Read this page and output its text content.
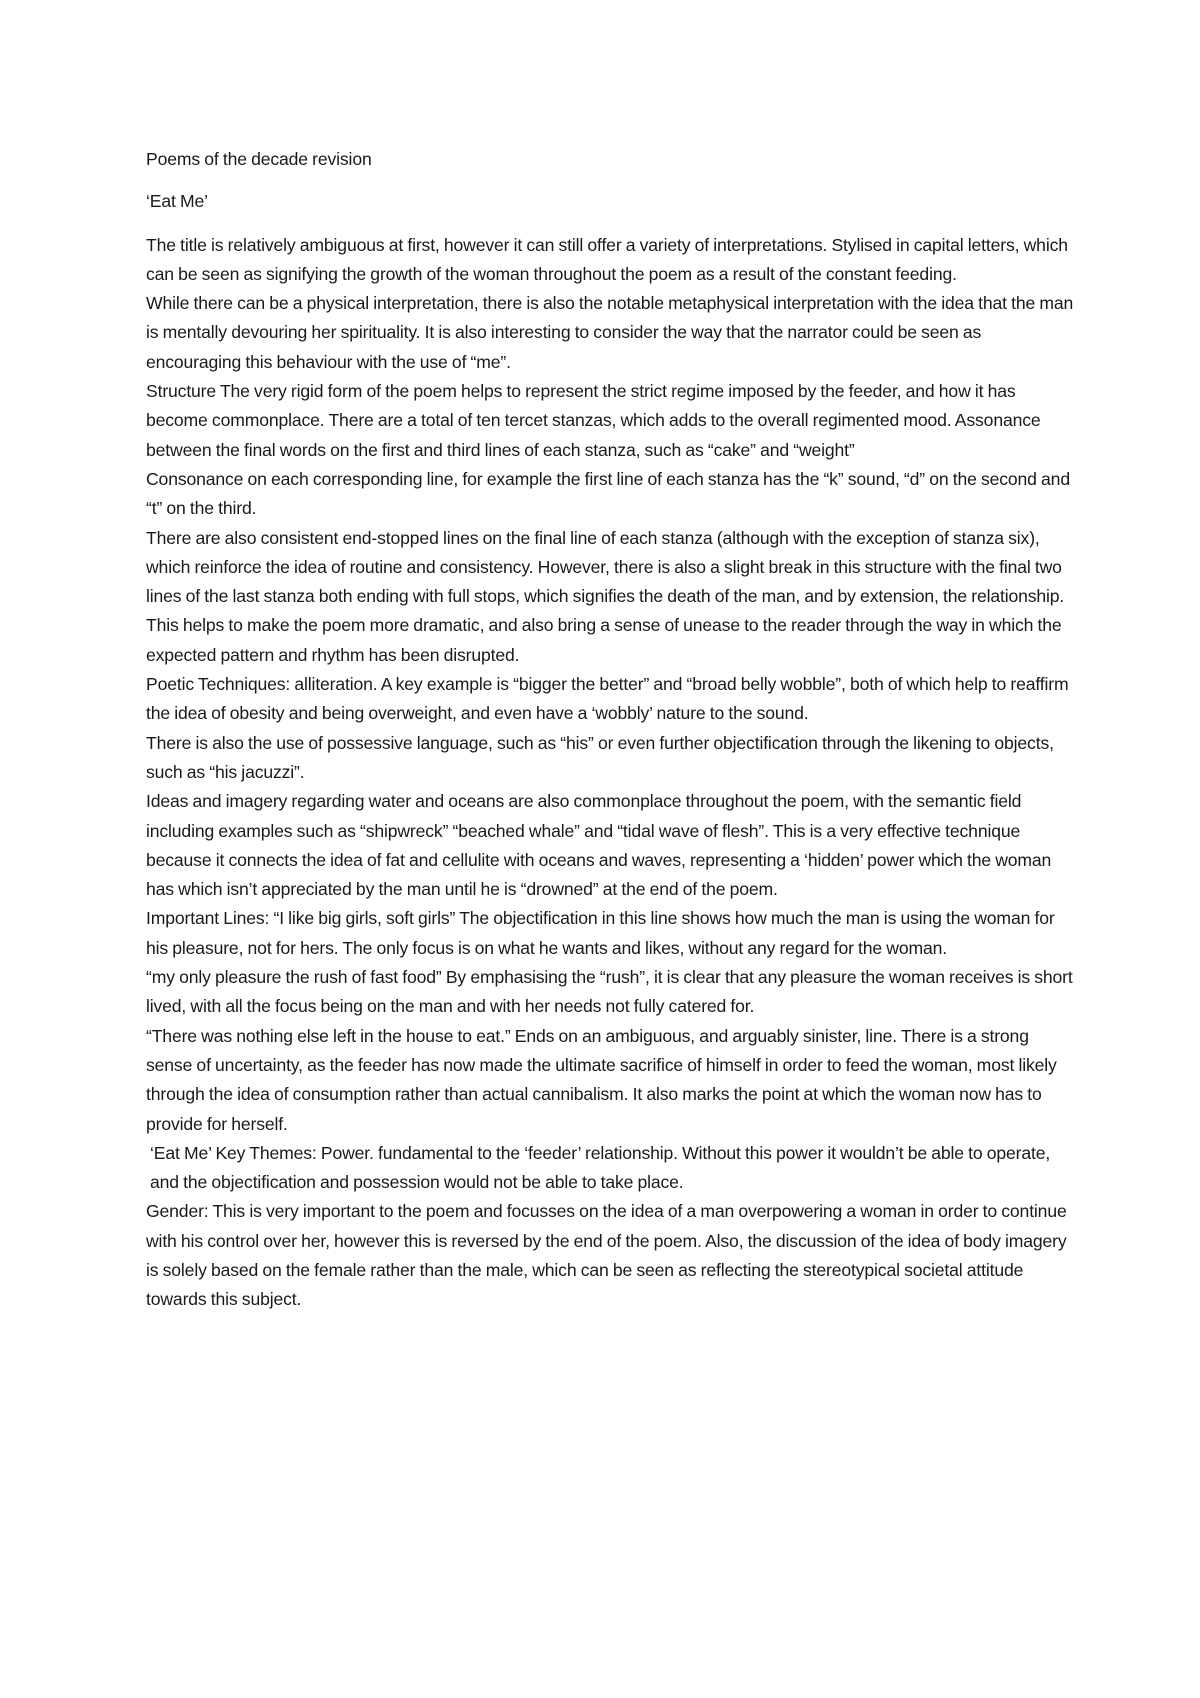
Poems of the decade revision

‘Eat Me’

The title is relatively ambiguous at first, however it can still offer a variety of interpretations. Stylised in capital letters, which can be seen as signifying the growth of the woman throughout the poem as a result of the constant feeding.

While there can be a physical interpretation, there is also the notable metaphysical interpretation with the idea that the man is mentally devouring her spirituality. It is also interesting to consider the way that the narrator could be seen as encouraging this behaviour with the use of “me”.

Structure The very rigid form of the poem helps to represent the strict regime imposed by the feeder, and how it has become commonplace. There are a total of ten tercet stanzas, which adds to the overall regimented mood. Assonance between the final words on the first and third lines of each stanza, such as “cake” and “weight”

Consonance on each corresponding line, for example the first line of each stanza has the “k” sound, “d” on the second and “t” on the third.

There are also consistent end-stopped lines on the final line of each stanza (although with the exception of stanza six), which reinforce the idea of routine and consistency. However, there is also a slight break in this structure with the final two lines of the last stanza both ending with full stops, which signifies the death of the man, and by extension, the relationship. This helps to make the poem more dramatic, and also bring a sense of unease to the reader through the way in which the expected pattern and rhythm has been disrupted.

Poetic Techniques: alliteration. A key example is “bigger the better” and “broad belly wobble”, both of which help to reaffirm the idea of obesity and being overweight, and even have a ‘wobbly’ nature to the sound.

There is also the use of possessive language, such as “his” or even further objectification through the likening to objects, such as “his jacuzzi”.

Ideas and imagery regarding water and oceans are also commonplace throughout the poem, with the semantic field including examples such as “shipwreck” “beached whale” and “tidal wave of flesh”. This is a very effective technique because it connects the idea of fat and cellulite with oceans and waves, representing a ‘hidden’ power which the woman has which isn’t appreciated by the man until he is “drowned” at the end of the poem.

Important Lines: “I like big girls, soft girls” The objectification in this line shows how much the man is using the woman for his pleasure, not for hers. The only focus is on what he wants and likes, without any regard for the woman.

“my only pleasure the rush of fast food” By emphasising the “rush”, it is clear that any pleasure the woman receives is short lived, with all the focus being on the man and with her needs not fully catered for.

“There was nothing else left in the house to eat.” Ends on an ambiguous, and arguably sinister, line. There is a strong sense of uncertainty, as the feeder has now made the ultimate sacrifice of himself in order to feed the woman, most likely through the idea of consumption rather than actual cannibalism. It also marks the point at which the woman now has to provide for herself.

‘Eat Me’ Key Themes: Power. fundamental to the ‘feeder’ relationship. Without this power it wouldn’t be able to operate, and the objectification and possession would not be able to take place.

Gender: This is very important to the poem and focusses on the idea of a man overpowering a woman in order to continue with his control over her, however this is reversed by the end of the poem. Also, the discussion of the idea of body imagery is solely based on the female rather than the male, which can be seen as reflecting the stereotypical societal attitude towards this subject.
